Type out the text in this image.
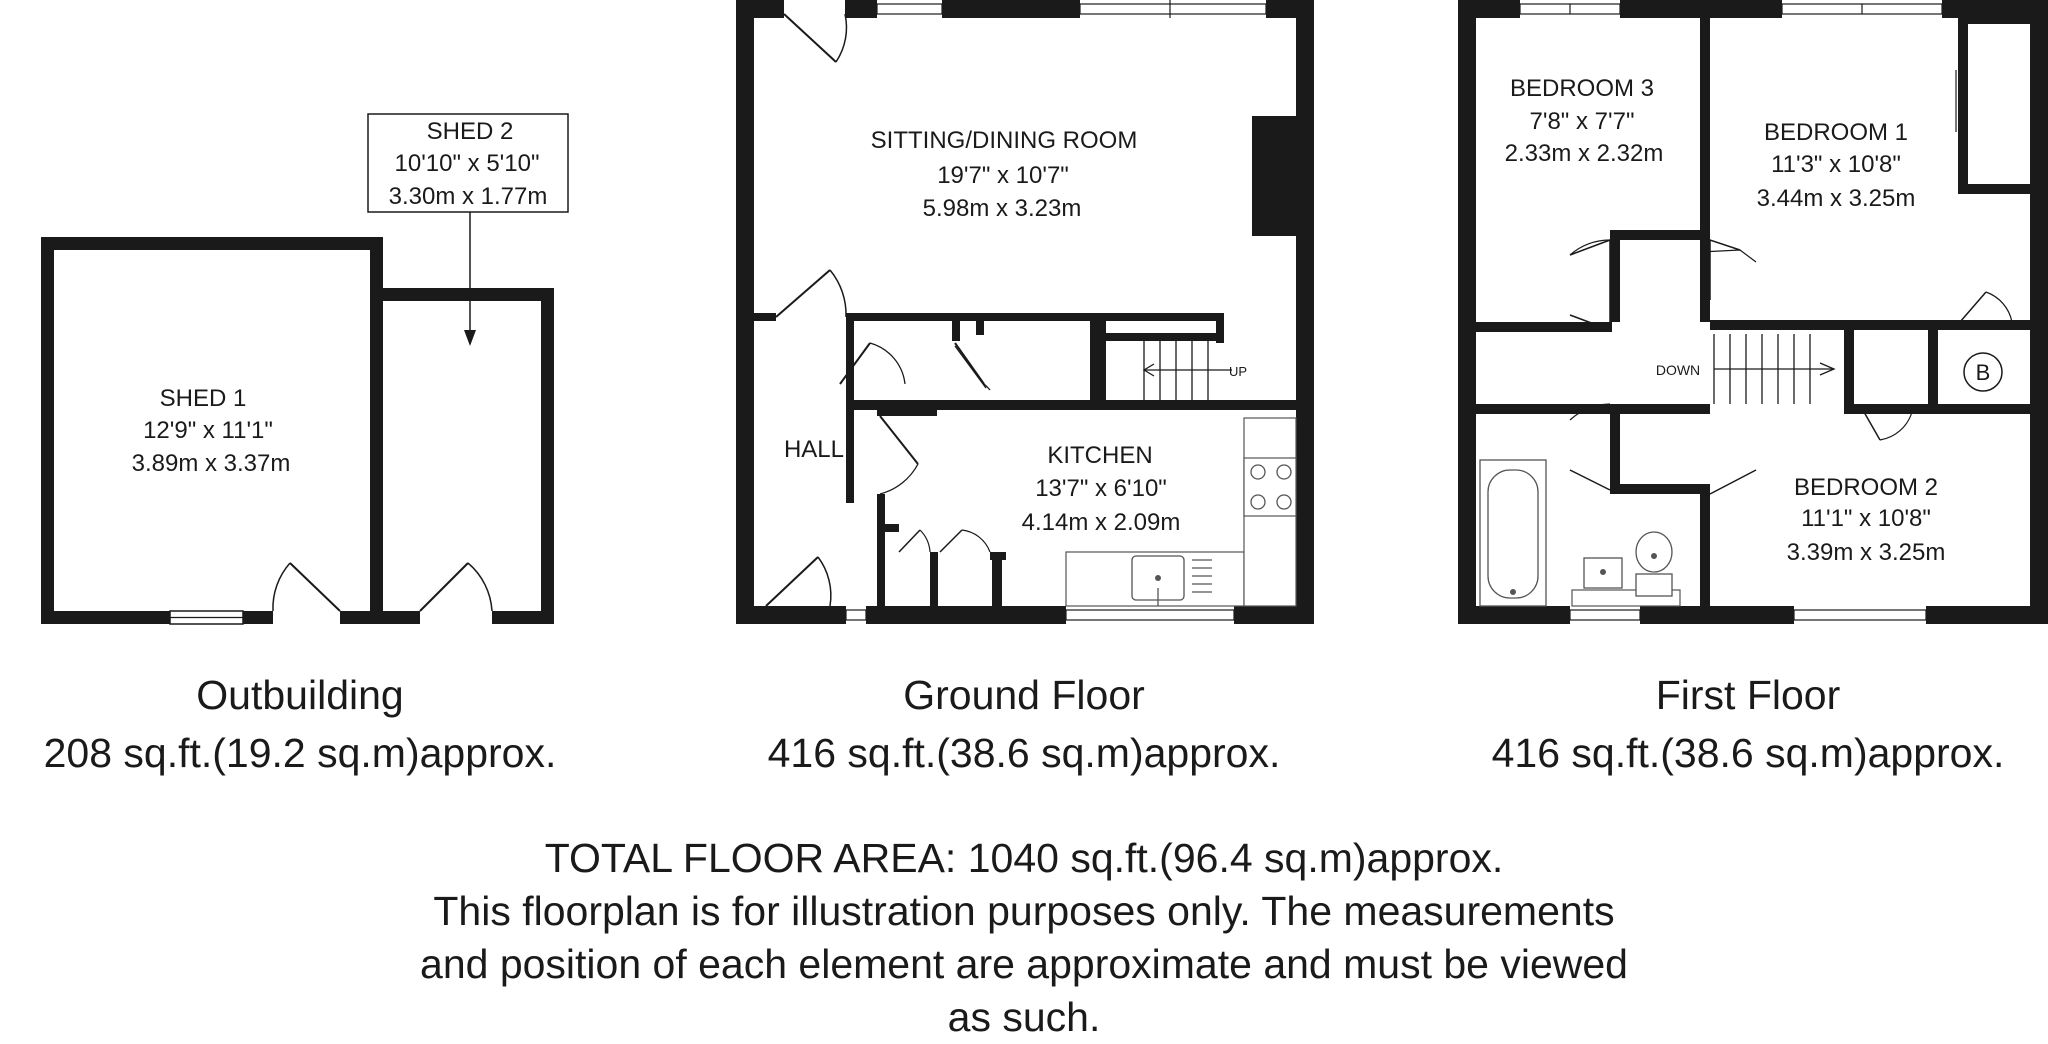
SHED 2
10'10" x 5'10"
3.30m x 1.77m
SHED 1
12'9" x 11'1"
3.89m x 3.37m
SITTING/DINING ROOM
19'7" x 10'7"
5.98m x 3.23m
KITCHEN
13'7" x 6'10"
4.14m x 2.09m
HALL
UP
BEDROOM 3
7'8" x 7'7"
2.33m x 2.32m
BEDROOM 1
11'3" x 10'8"
3.44m x 3.25m
BEDROOM 2
11'1" x 10'8"
3.39m x 3.25m
DOWN	B
Outbuilding
208 sq.ft.(19.2 sq.m)approx.
Ground Floor
416 sq.ft.(38.6 sq.m)approx.
First Floor
416 sq.ft.(38.6 sq.m)approx.
TOTAL FLOOR AREA: 1040 sq.ft.(96.4 sq.m)approx.
This floorplan is for illustration purposes only. The measurements
and position of each element are approximate and must be viewed
as such.
